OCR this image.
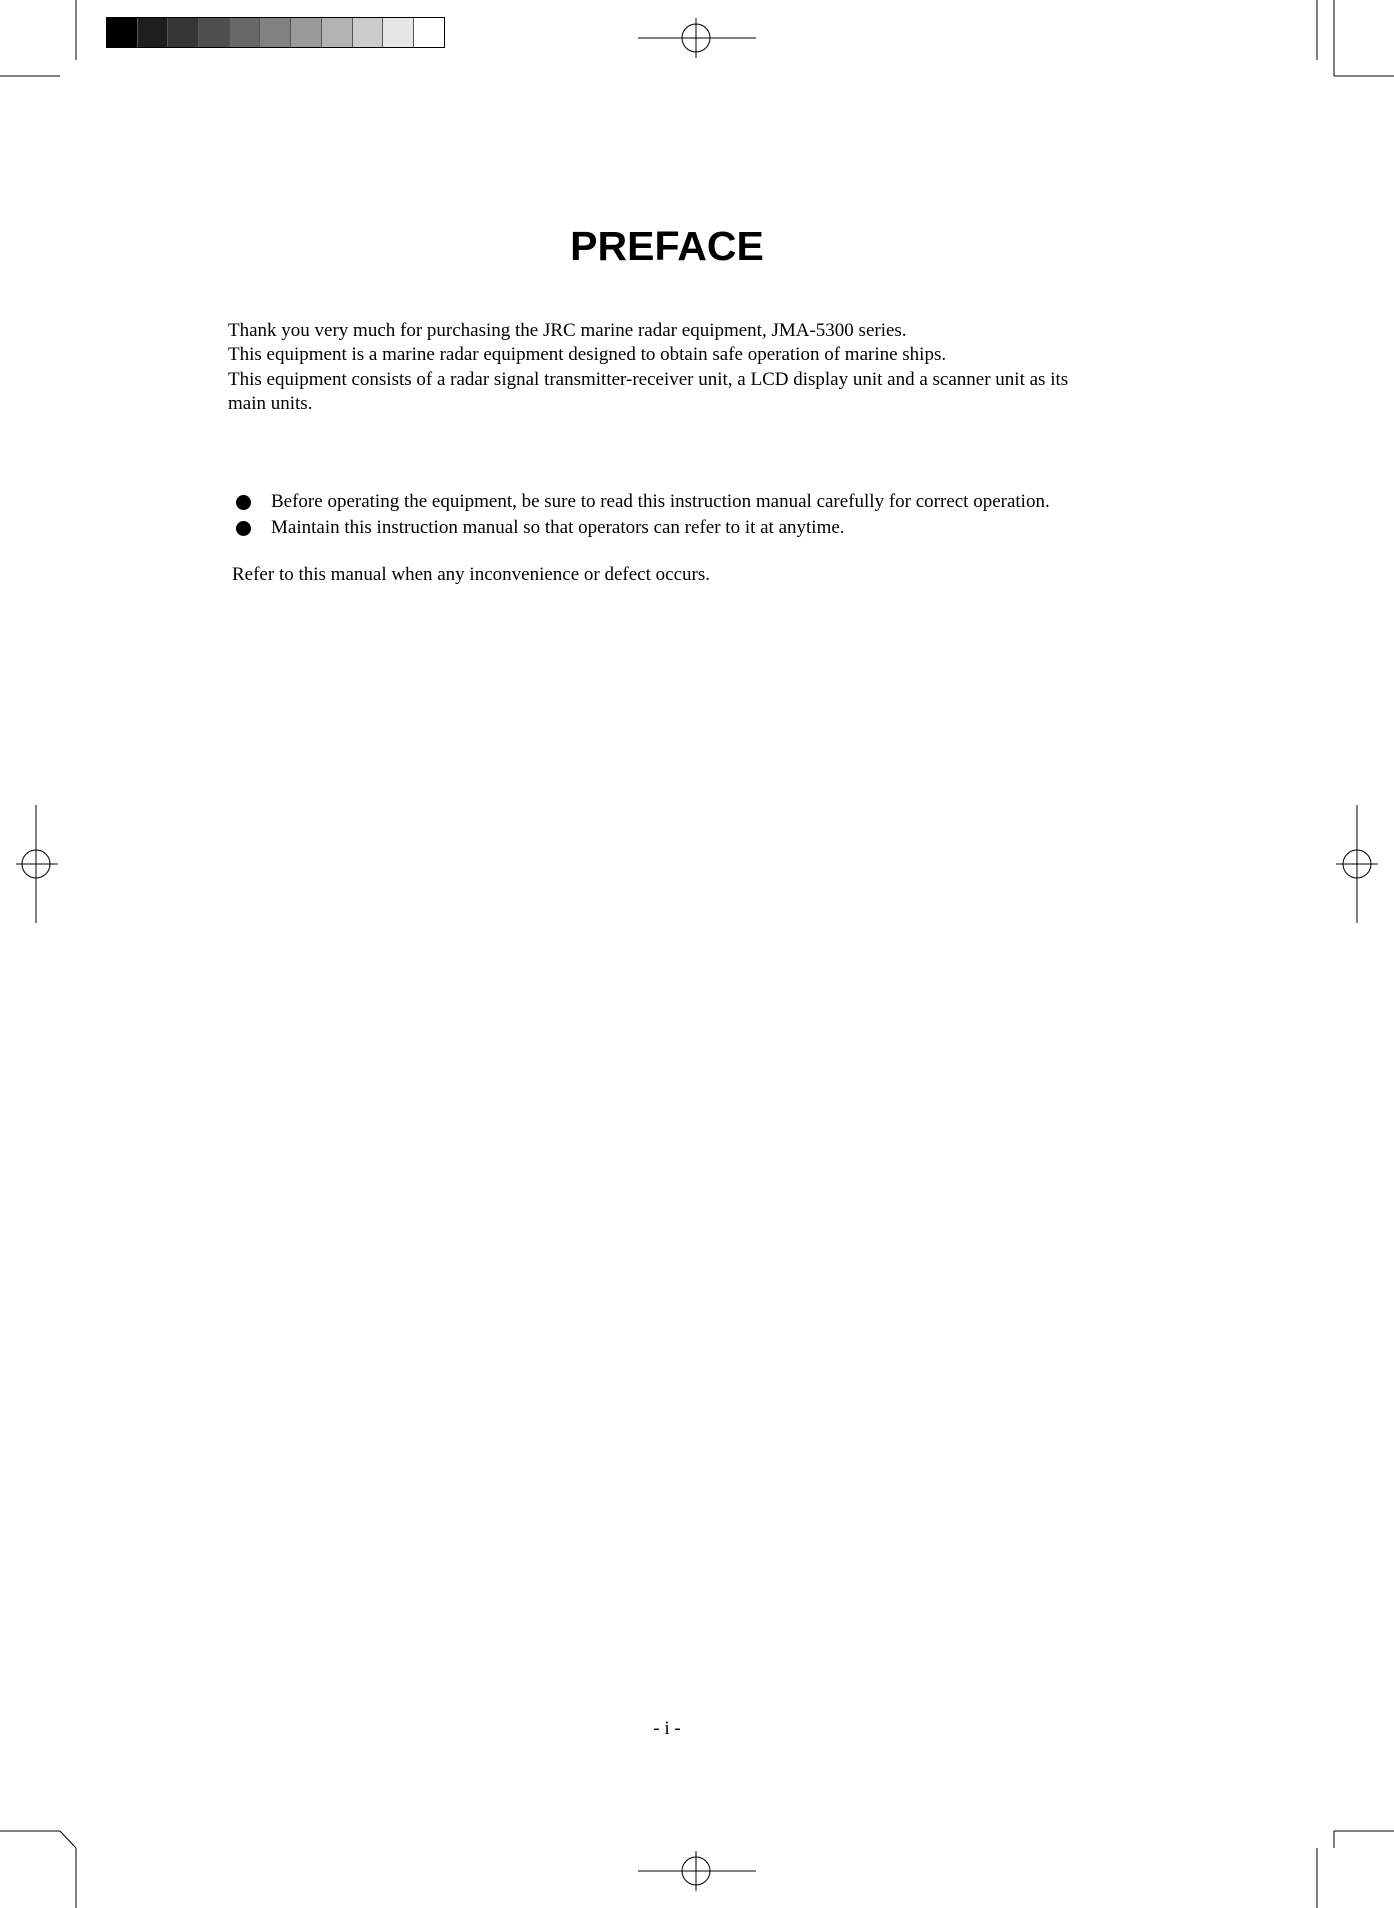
PREFACE

Thank you very much for purchasing the JRC marine radar equipment, JMA-5300 series.
This equipment is a marine radar equipment designed to obtain safe operation of marine ships.
This equipment consists of a radar signal transmitter-receiver unit, a LCD display unit and a scanner unit as its
main units.

Before operating the equipment, be sure to read this instruction manual carefully for correct operation.
Maintain this instruction manual so that operators can refer to it at anytime.

Refer to this manual when any inconvenience or defect occurs.

- i -
